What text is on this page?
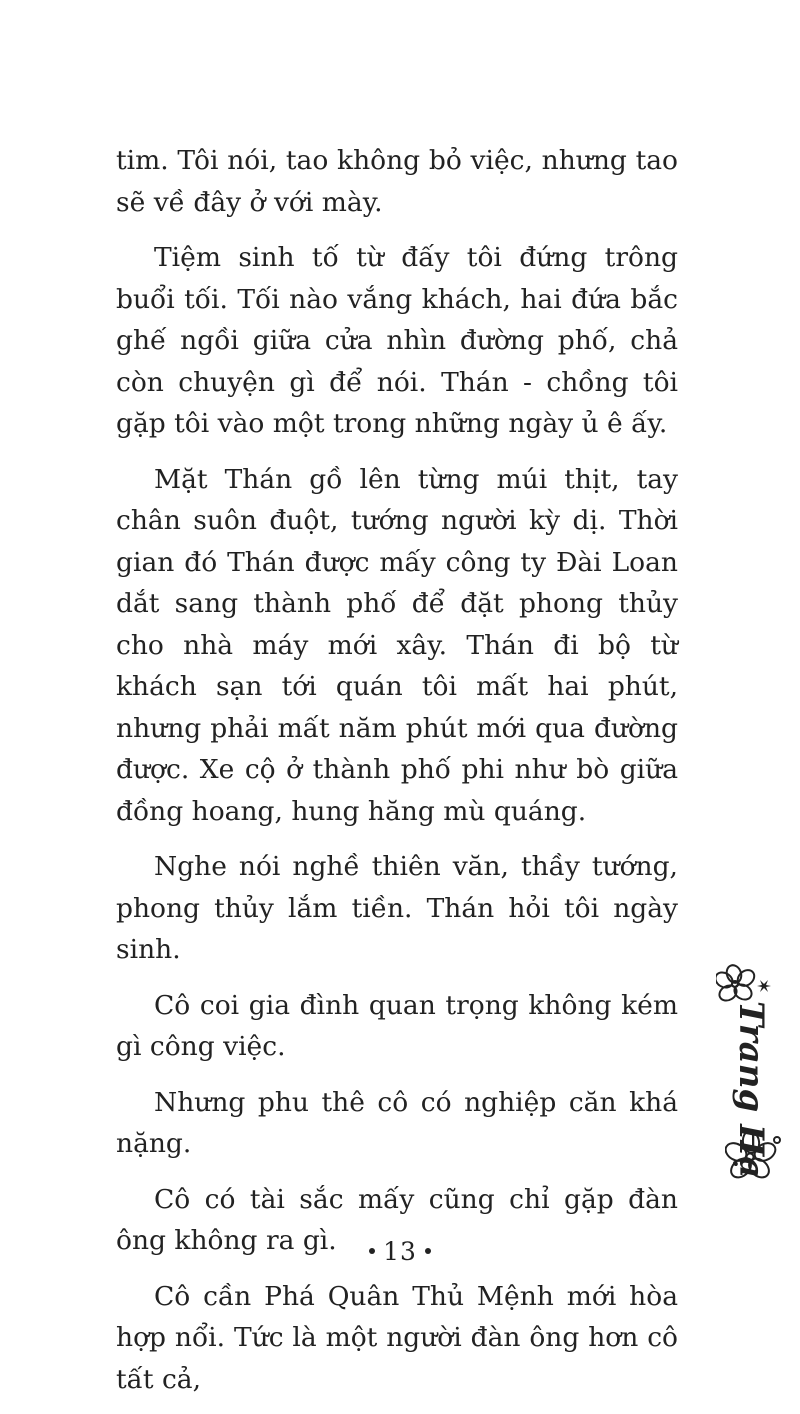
tim. Tôi nói, tao không bỏ việc, nhưng tao sẽ về đây ở với mày.

Tiệm sinh tố từ đấy tôi đứng trông buổi tối. Tối nào vắng khách, hai đứa bắc ghế ngồi giữa cửa nhìn đường phố, chả còn chuyện gì để nói. Thán - chồng tôi gặp tôi vào một trong những ngày ủ ê ấy.

Mặt Thán gồ lên từng múi thịt, tay chân suôn đuột, tướng người kỳ dị. Thời gian đó Thán được mấy công ty Đài Loan dắt sang thành phố để đặt phong thủy cho nhà máy mới xây. Thán đi bộ từ khách sạn tới quán tôi mất hai phút, nhưng phải mất năm phút mới qua đường được. Xe cộ ở thành phố phi như bò giữa đồng hoang, hung hăng mù quáng.

Nghe nói nghề thiên văn, thầy tướng, phong thủy lắm tiền. Thán hỏi tôi ngày sinh.

Cô coi gia đình quan trọng không kém gì công việc.

Nhưng phu thê cô có nghiệp căn khá nặng.

Cô có tài sắc mấy cũng chỉ gặp đàn ông không ra gì.

Cô cần Phá Quân Thủ Mệnh mới hòa hợp nổi. Tức là một người đàn ông hơn cô tất cả,

Trang Hạ
13
